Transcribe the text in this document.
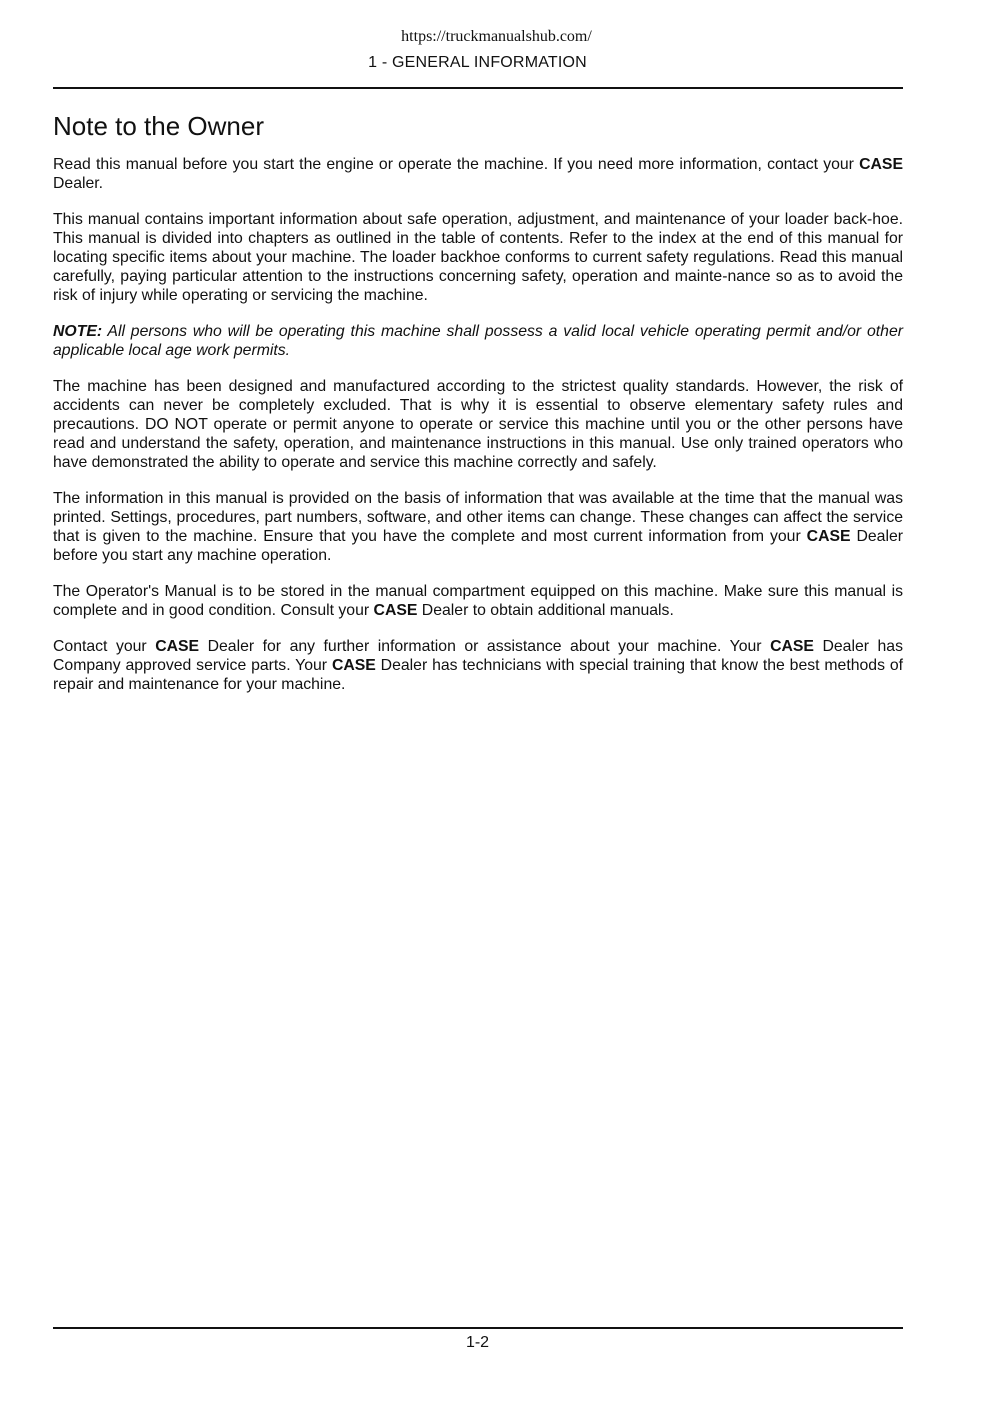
https://truckmanualshub.com/
1 - GENERAL INFORMATION
Note to the Owner

Read this manual before you start the engine or operate the machine. If you need more information, contact your CASE Dealer.

This manual contains important information about safe operation, adjustment, and maintenance of your loader back-hoe. This manual is divided into chapters as outlined in the table of contents. Refer to the index at the end of this manual for locating specific items about your machine. The loader backhoe conforms to current safety regulations. Read this manual carefully, paying particular attention to the instructions concerning safety, operation and mainte-nance so as to avoid the risk of injury while operating or servicing the machine.

NOTE: All persons who will be operating this machine shall possess a valid local vehicle operating permit and/or other applicable local age work permits.

The machine has been designed and manufactured according to the strictest quality standards. However, the risk of accidents can never be completely excluded. That is why it is essential to observe elementary safety rules and precautions. DO NOT operate or permit anyone to operate or service this machine until you or the other persons have read and understand the safety, operation, and maintenance instructions in this manual. Use only trained operators who have demonstrated the ability to operate and service this machine correctly and safely.

The information in this manual is provided on the basis of information that was available at the time that the manual was printed. Settings, procedures, part numbers, software, and other items can change. These changes can affect the service that is given to the machine. Ensure that you have the complete and most current information from your CASE Dealer before you start any machine operation.

The Operator's Manual is to be stored in the manual compartment equipped on this machine. Make sure this manual is complete and in good condition. Consult your CASE Dealer to obtain additional manuals.

Contact your CASE Dealer for any further information or assistance about your machine. Your CASE Dealer has Company approved service parts. Your CASE Dealer has technicians with special training that know the best methods of repair and maintenance for your machine.

1-2
